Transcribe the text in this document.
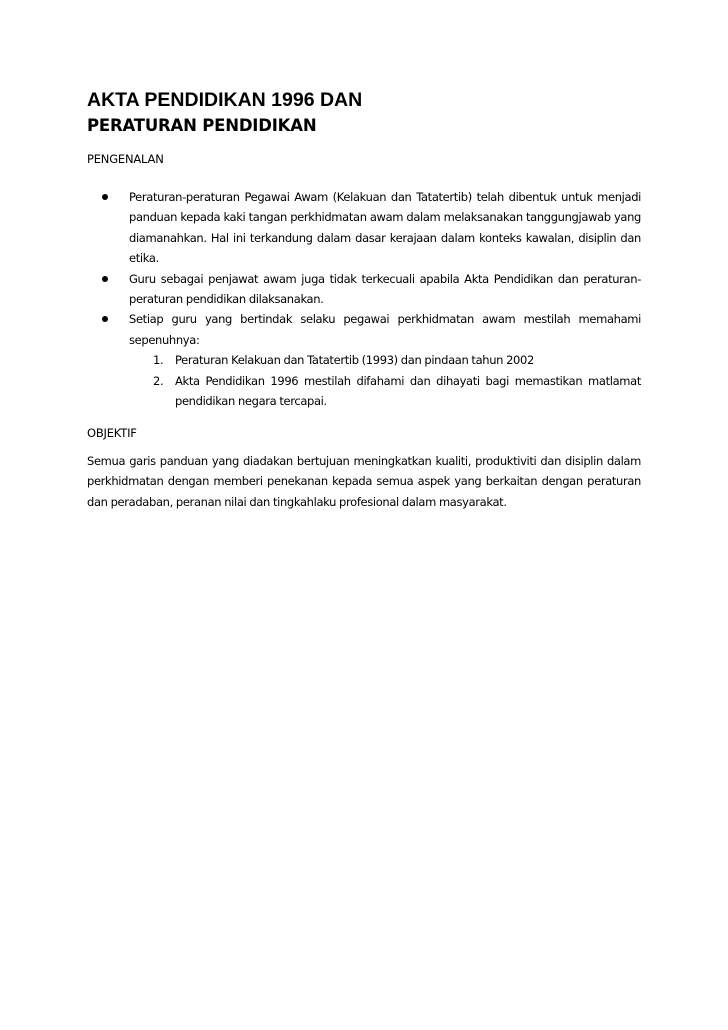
AKTA PENDIDIKAN 1996 DAN
PERATURAN PENDIDIKAN
PENGENALAN
Peraturan-peraturan Pegawai Awam (Kelakuan dan Tatatertib) telah dibentuk untuk menjadi panduan kepada kaki tangan perkhidmatan awam dalam melaksanakan tanggungjawab yang diamanahkan. Hal ini terkandung dalam dasar kerajaan dalam konteks kawalan, disiplin dan etika.
Guru sebagai penjawat awam juga tidak terkecuali apabila Akta Pendidikan dan peraturan-peraturan pendidikan dilaksanakan.
Setiap guru yang bertindak selaku pegawai perkhidmatan awam mestilah memahami sepenuhnya:
1. Peraturan Kelakuan dan Tatatertib (1993) dan pindaan tahun 2002
2. Akta Pendidikan 1996 mestilah difahami dan dihayati bagi memastikan matlamat pendidikan negara tercapai.
OBJEKTIF

Semua garis panduan yang diadakan bertujuan meningkatkan kualiti, produktiviti dan disiplin dalam perkhidmatan dengan memberi penekanan kepada semua aspek yang berkaitan dengan peraturan dan peradaban, peranan nilai dan tingkahlaku profesional dalam masyarakat.
